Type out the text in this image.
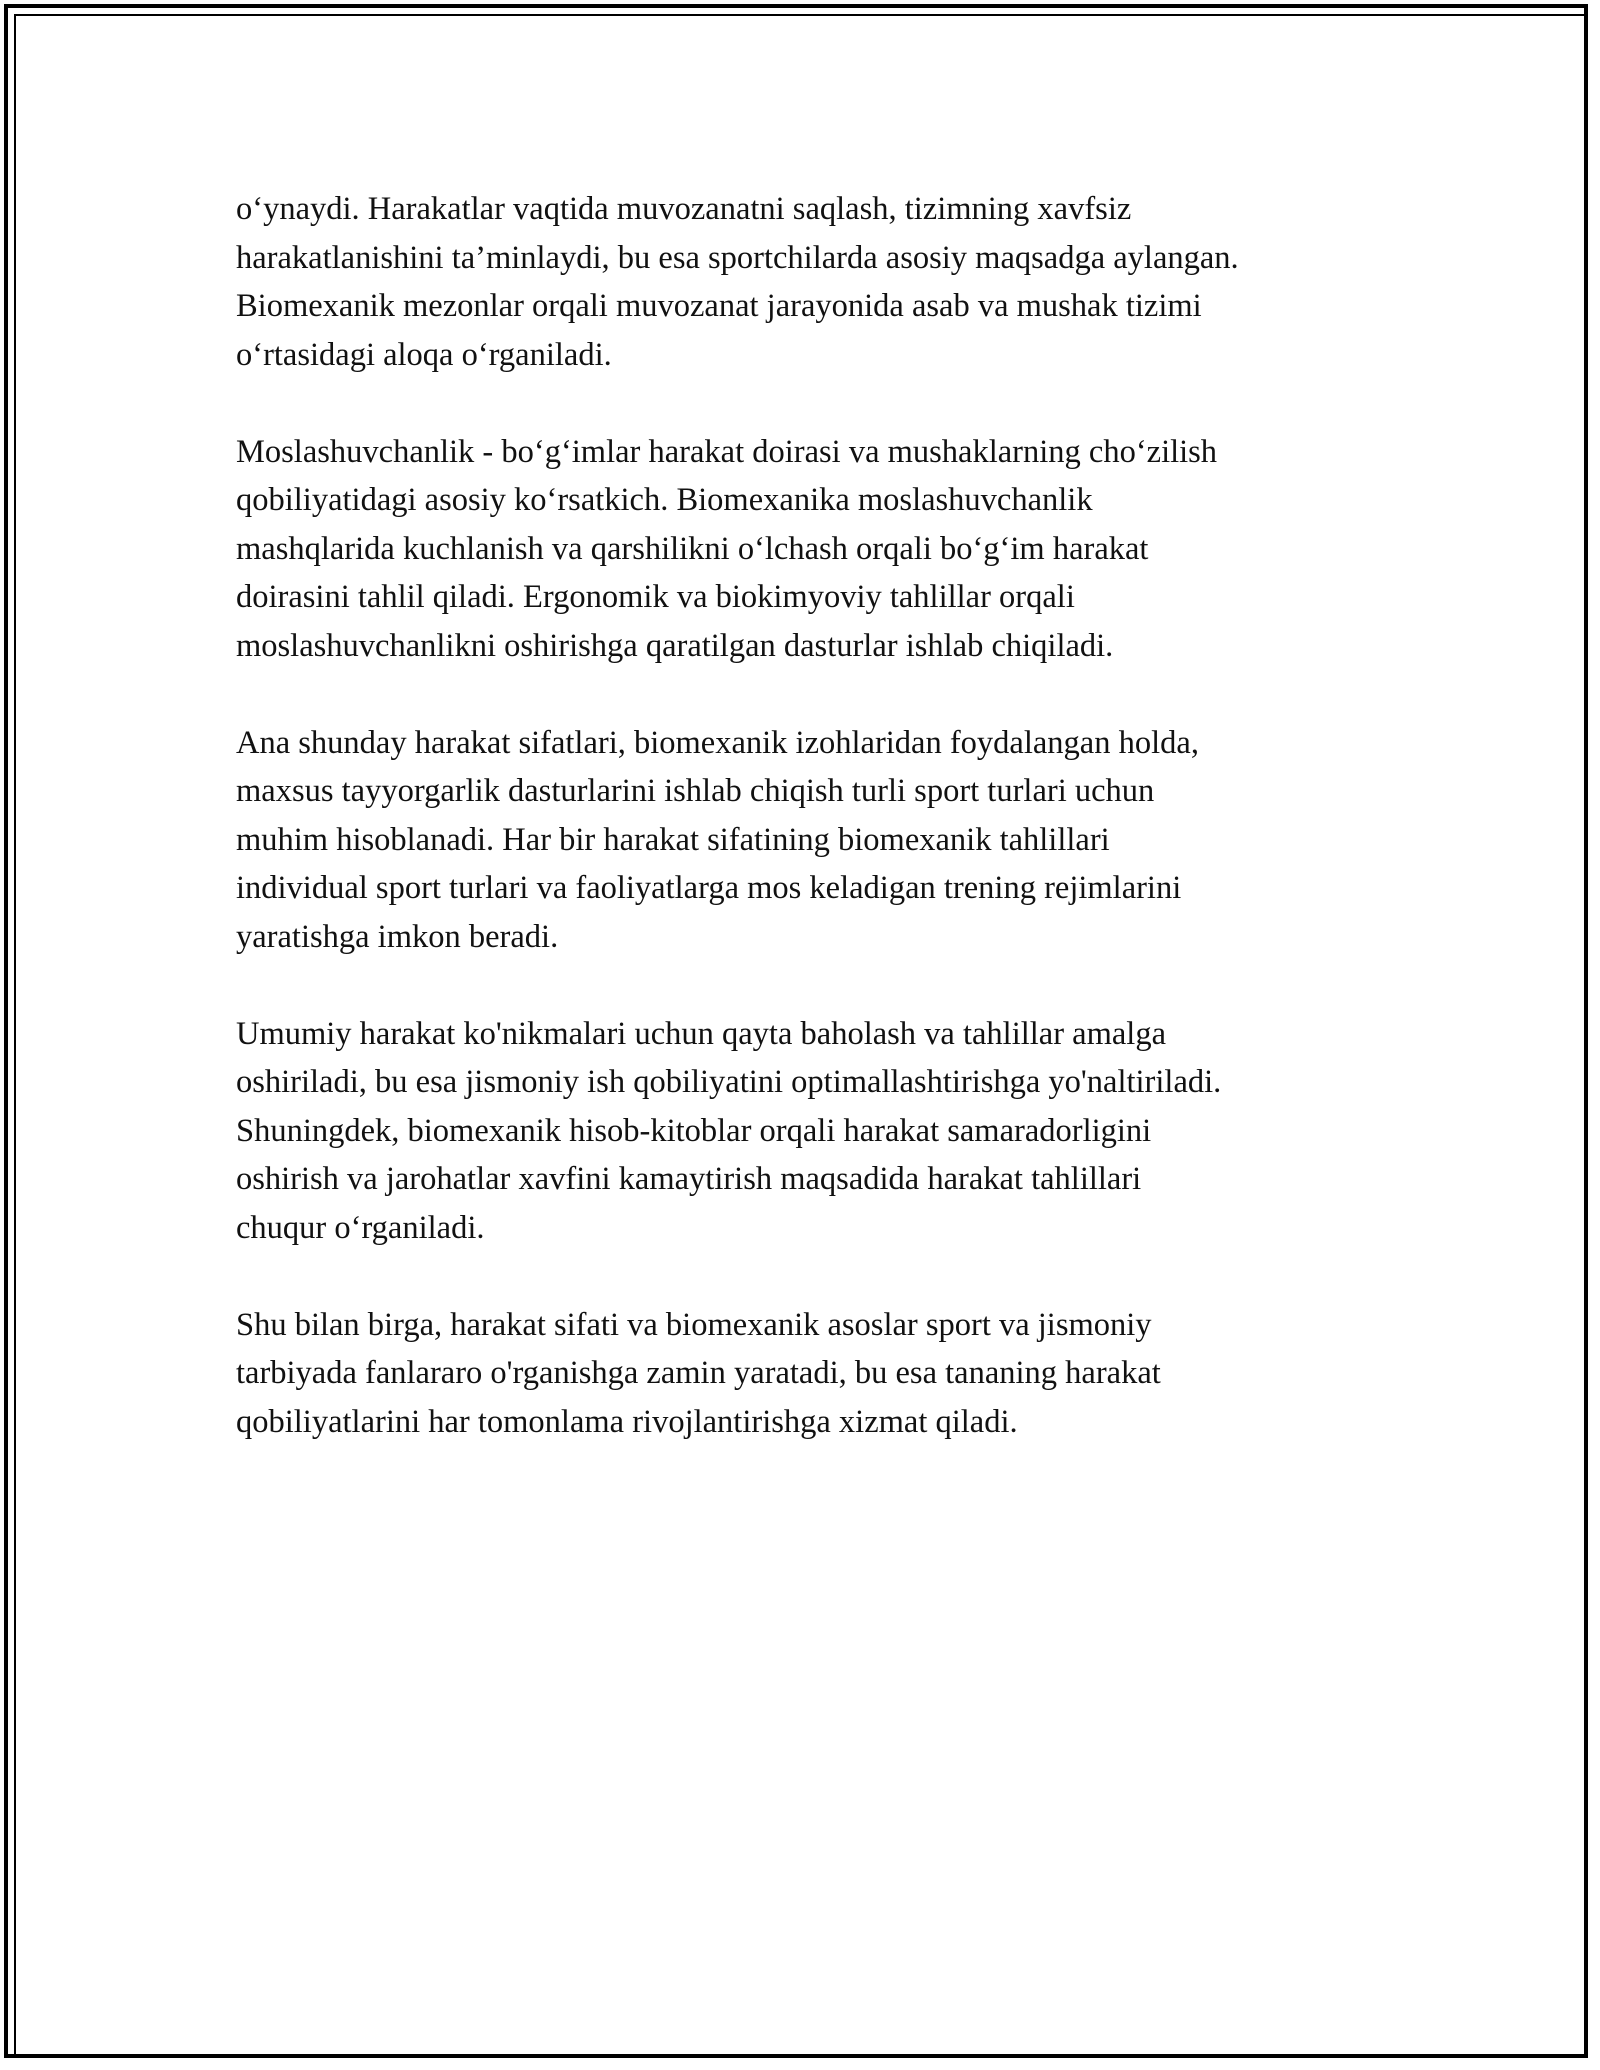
o‘ynaydi. Harakatlar vaqtida muvozanatni saqlash, tizimning xavfsiz
harakatlanishini ta’minlaydi, bu esa sportchilarda asosiy maqsadga aylangan.
Biomexanik mezonlar orqali muvozanat jarayonida asab va mushak tizimi
o‘rtasidagi aloqa o‘rganiladi.

Moslashuvchanlik - bo‘g‘imlar harakat doirasi va mushaklarning cho‘zilish
qobiliyatidagi asosiy ko‘rsatkich. Biomexanika moslashuvchanlik
mashqlarida kuchlanish va qarshilikni o‘lchash orqali bo‘g‘im harakat
doirasini tahlil qiladi. Ergonomik va biokimyoviy tahlillar orqali
moslashuvchanlikni oshirishga qaratilgan dasturlar ishlab chiqiladi.

Ana shunday harakat sifatlari, biomexanik izohlaridan foydalangan holda,
maxsus tayyorgarlik dasturlarini ishlab chiqish turli sport turlari uchun
muhim hisoblanadi. Har bir harakat sifatining biomexanik tahlillari
individual sport turlari va faoliyatlarga mos keladigan trening rejimlarini
yaratishga imkon beradi.

Umumiy harakat ko'nikmalari uchun qayta baholash va tahlillar amalga
oshiriladi, bu esa jismoniy ish qobiliyatini optimallashtirishga yo'naltiriladi.
Shuningdek, biomexanik hisob-kitoblar orqali harakat samaradorligini
oshirish va jarohatlar xavfini kamaytirish maqsadida harakat tahlillari
chuqur o‘rganiladi.

Shu bilan birga, harakat sifati va biomexanik asoslar sport va jismoniy
tarbiyada fanlararo o'rganishga zamin yaratadi, bu esa tananing harakat
qobiliyatlarini har tomonlama rivojlantirishga xizmat qiladi.
